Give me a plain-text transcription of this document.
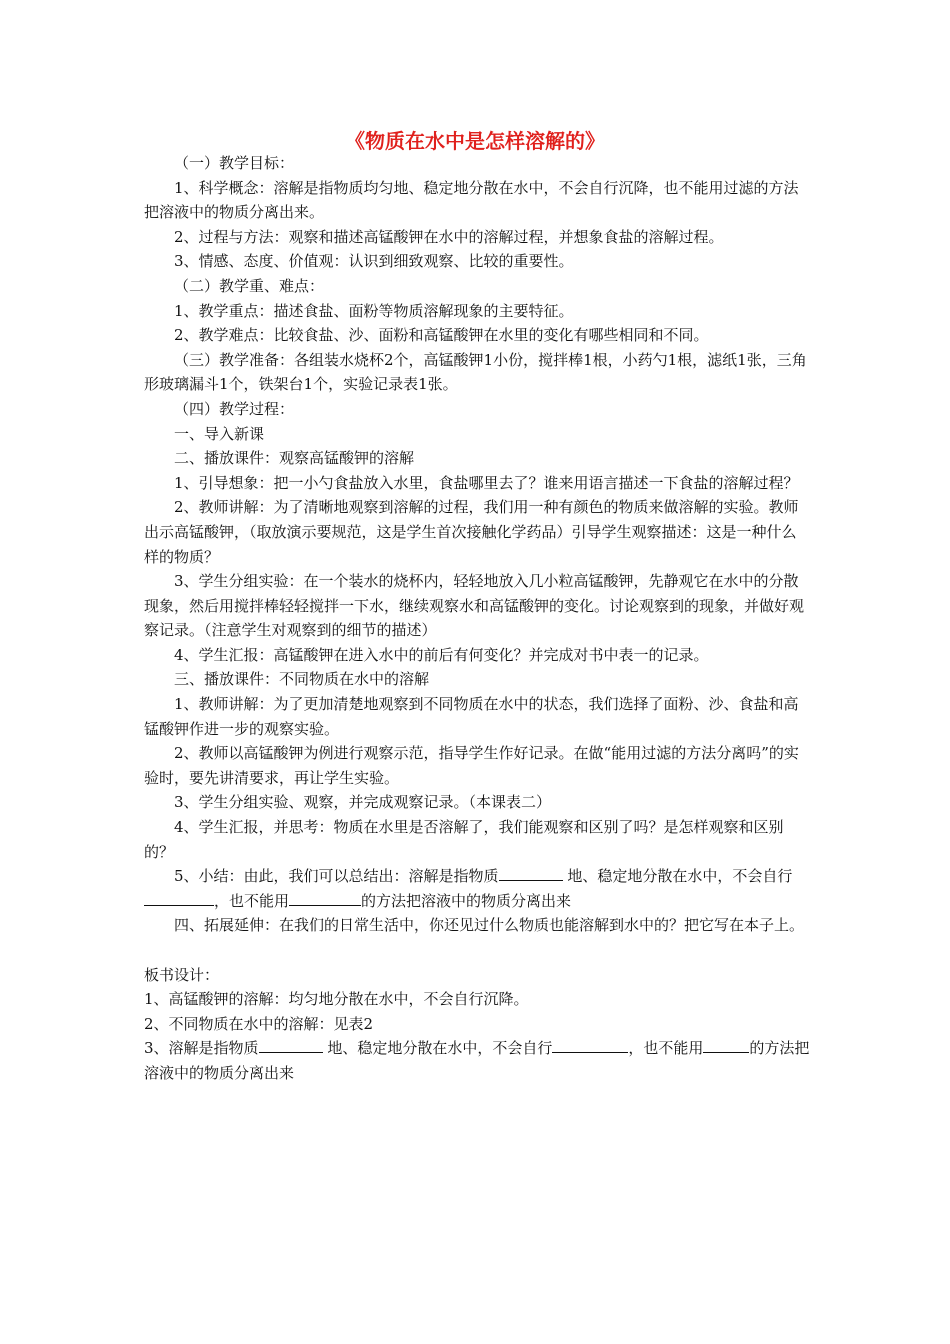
《物质在水中是怎样溶解的》

（一）教学目标：

1、科学概念：溶解是指物质均匀地、稳定地分散在水中，不会自行沉降，也不能用过滤的方法把溶液中的物质分离出来。

2、过程与方法：观察和描述高锰酸钾在水中的溶解过程，并想象食盐的溶解过程。

3、情感、态度、价值观：认识到细致观察、比较的重要性。

（二）教学重、难点：

1、教学重点：描述食盐、面粉等物质溶解现象的主要特征。

2、教学难点：比较食盐、沙、面粉和高锰酸钾在水里的变化有哪些相同和不同。

（三）教学准备：各组装水烧杯2个，高锰酸钾1小份，搅拌棒1根，小药勺1根，滤纸1张，三角形玻璃漏斗1个，铁架台1个，实验记录表1张。

（四）教学过程：

一、导入新课

二、播放课件：观察高锰酸钾的溶解

1、引导想象：把一小勺食盐放入水里，食盐哪里去了？谁来用语言描述一下食盐的溶解过程？

2、教师讲解：为了清晰地观察到溶解的过程，我们用一种有颜色的物质来做溶解的实验。教师出示高锰酸钾，（取放演示要规范，这是学生首次接触化学药品）引导学生观察描述：这是一种什么样的物质？

3、学生分组实验：在一个装水的烧杯内，轻轻地放入几小粒高锰酸钾，先静观它在水中的分散现象，然后用搅拌棒轻轻搅拌一下水，继续观察水和高锰酸钾的变化。讨论观察到的现象，并做好观察记录。（注意学生对观察到的细节的描述）

4、学生汇报：高锰酸钾在进入水中的前后有何变化？并完成对书中表一的记录。

三、播放课件：不同物质在水中的溶解

1、教师讲解：为了更加清楚地观察到不同物质在水中的状态，我们选择了面粉、沙、食盐和高锰酸钾作进一步的观察实验。

2、教师以高锰酸钾为例进行观察示范，指导学生作好记录。在做“能用过滤的方法分离吗”的实验时，要先讲清要求，再让学生实验。

3、学生分组实验、观察，并完成观察记录。（本课表二）

4、学生汇报，并思考：物质在水里是否溶解了，我们能观察和区别了吗？是怎样观察和区别的？

5、小结：由此，我们可以总结出：溶解是指物质	地、稳定地分散在水中，不会自行，也不能用	的方法把溶液中的物质分离出来

四、拓展延伸：在我们的日常生活中，你还见过什么物质也能溶解到水中的？把它写在本子上。

板书设计：

1、高锰酸钾的溶解：均匀地分散在水中，不会自行沉降。

2、不同物质在水中的溶解：见表2

3、溶解是指物质	地、稳定地分散在水中，不会自行	，也不能用	的方法把溶液中的物质分离出来
